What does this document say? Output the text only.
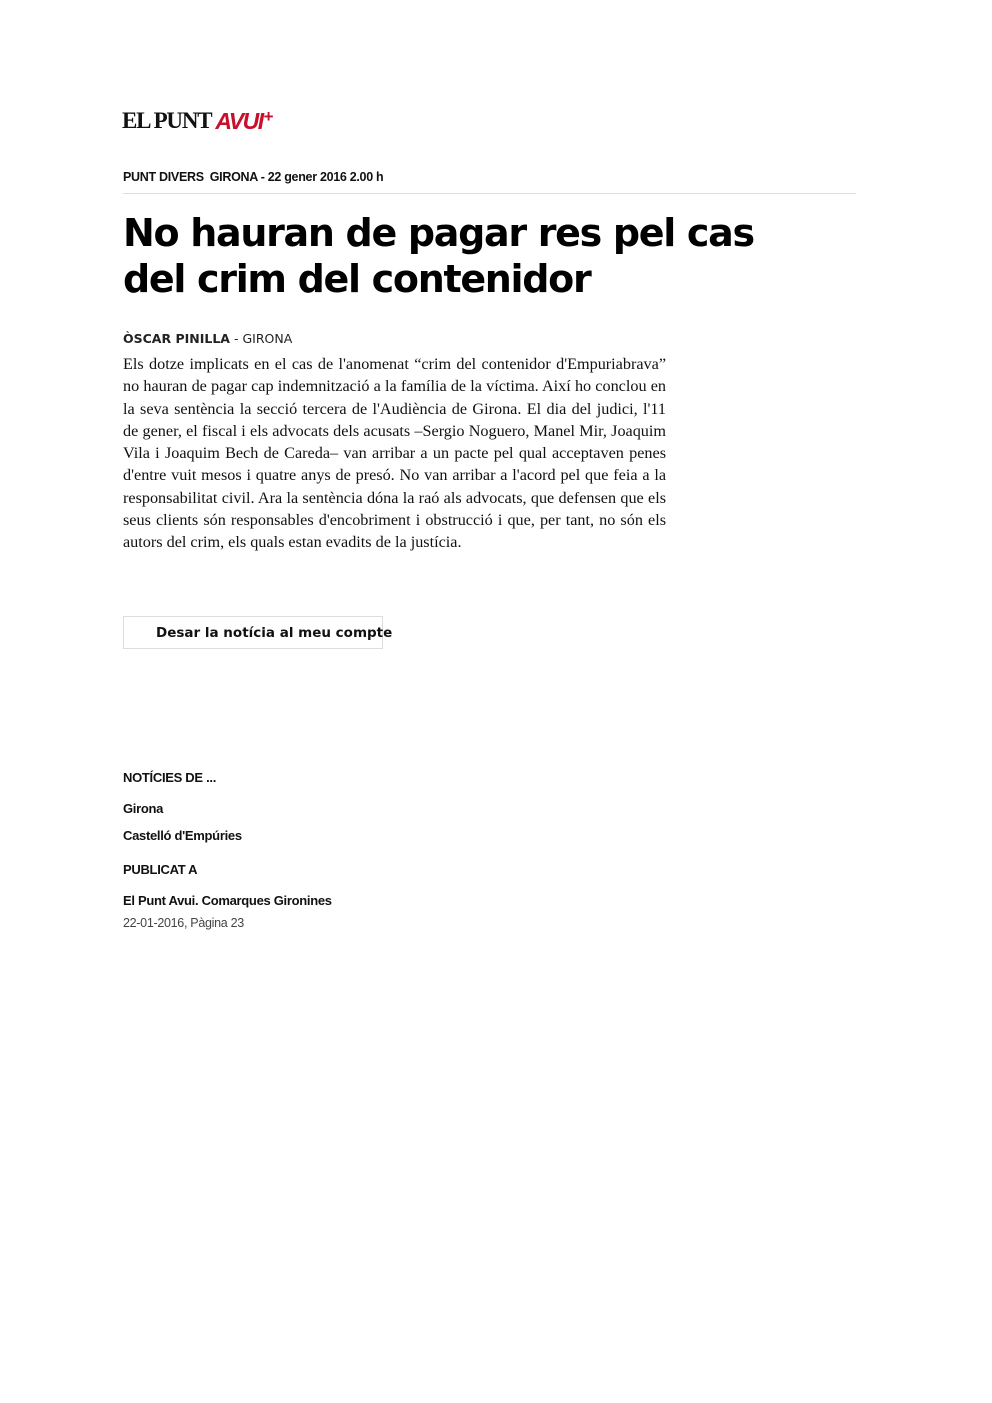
EL PUNT AVUI +
PUNT DIVERS GIRONA - 22 gener 2016 2.00 h
No hauran de pagar res pel cas del crim del contenidor
ÒSCAR PINILLA - GIRONA

Els dotze implicats en el cas de l'anomenat “crim del contenidor d'Empuriabrava” no hauran de pagar cap indemnització a la família de la víctima. Així ho conclou en la seva sentència la secció tercera de l'Audiència de Girona. El dia del judici, l'11 de gener, el fiscal i els advocats dels acusats –Sergio Noguero, Manel Mir, Joaquim Vila i Joaquim Bech de Careda– van arribar a un pacte pel qual acceptaven penes d'entre vuit mesos i quatre anys de presó. No van arribar a l'acord pel que feia a la responsabilitat civil. Ara la sentència dóna la raó als advocats, que defensen que els seus clients són responsables d'encobriment i obstrucció i que, per tant, no són els autors del crim, els quals estan evadits de la justícia.

Desar la notícia al meu compte
NOTÍCIES DE ...
Girona
Castelló d'Empúries
PUBLICAT A
El Punt Avui. Comarques Gironines
22-01-2016, Pàgina 23
